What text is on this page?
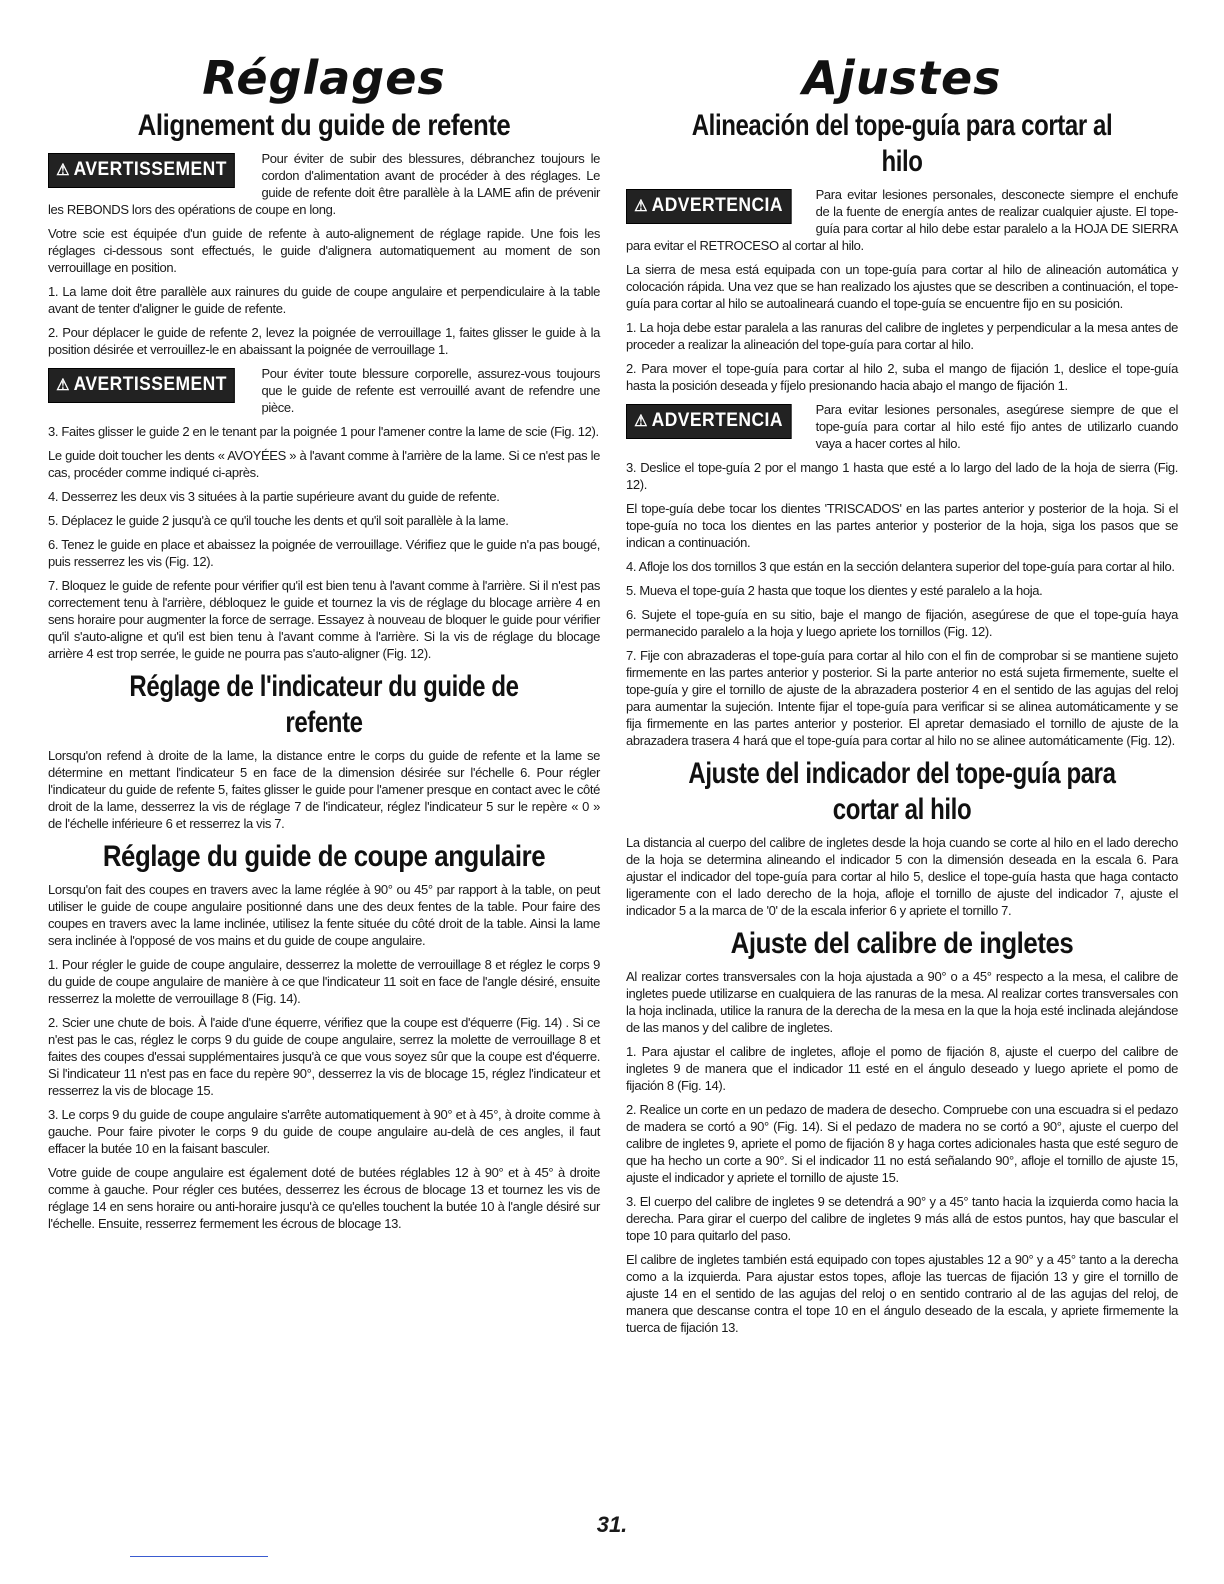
Réglages
Alignement du guide de refente
⚠ AVERTISSEMENT
Pour éviter de subir des blessures, débranchez toujours le cordon d'alimentation avant de procéder à des réglages. Le guide de refente doit être parallèle à la LAME afin de prévenir les REBONDS lors des opérations de coupe en long.
Votre scie est équipée d'un guide de refente à auto-alignement de réglage rapide. Une fois les réglages ci-dessous sont effectués, le guide d'alignera automatiquement au moment de son verrouillage en position.
1. La lame doit être parallèle aux rainures du guide de coupe angulaire et perpendiculaire à la table avant de tenter d'aligner le guide de refente.
2. Pour déplacer le guide de refente 2, levez la poignée de verrouillage 1, faites glisser le guide à la position désirée et verrouillez-le en abaissant la poignée de verrouillage 1.
⚠ AVERTISSEMENT
Pour éviter toute blessure corporelle, assurez-vous toujours que le guide de refente est verrouillé avant de refendre une pièce.
3. Faites glisser le guide 2 en le tenant par la poignée 1 pour l'amener contre la lame de scie (Fig. 12).
Le guide doit toucher les dents « AVOYÉES » à l'avant comme à l'arrière de la lame. Si ce n'est pas le cas, procéder comme indiqué ci-après.
4. Desserrez les deux vis 3 situées à la partie supérieure avant du guide de refente.
5. Déplacez le guide 2 jusqu'à ce qu'il touche les dents et qu'il soit parallèle à la lame.
6. Tenez le guide en place et abaissez la poignée de verrouillage. Vérifiez que le guide n'a pas bougé, puis resserrez les vis (Fig. 12).
7. Bloquez le guide de refente pour vérifier qu'il est bien tenu à l'avant comme à l'arrière. Si il n'est pas correctement tenu à l'arrière, débloquez le guide et tournez la vis de réglage du blocage arrière 4 en sens horaire pour augmenter la force de serrage. Essayez à nouveau de bloquer le guide pour vérifier qu'il s'auto-aligne et qu'il est bien tenu à l'avant comme à l'arrière. Si la vis de réglage du blocage arrière 4 est trop serrée, le guide ne pourra pas s'auto-aligner (Fig. 12).
Réglage de l'indicateur du guide de refente
Lorsqu'on refend à droite de la lame, la distance entre le corps du guide de refente et la lame se détermine en mettant l'indicateur 5 en face de la dimension désirée sur l'échelle 6. Pour régler l'indicateur du guide de refente 5, faites glisser le guide pour l'amener presque en contact avec le côté droit de la lame, desserrez la vis de réglage 7 de l'indicateur, réglez l'indicateur 5 sur le repère « 0 » de l'échelle inférieure 6 et resserrez la vis 7.
Réglage du guide de coupe angulaire
Lorsqu'on fait des coupes en travers avec la lame réglée à 90° ou 45° par rapport à la table, on peut utiliser le guide de coupe angulaire positionné dans une des deux fentes de la table. Pour faire des coupes en travers avec la lame inclinée, utilisez la fente située du côté droit de la table. Ainsi la lame sera inclinée à l'opposé de vos mains et du guide de coupe angulaire.
1. Pour régler le guide de coupe angulaire, desserrez la molette de verrouillage 8 et réglez le corps 9 du guide de coupe angulaire de manière à ce que l'indicateur 11 soit en face de l'angle désiré, ensuite resserrez la molette de verrouillage 8 (Fig. 14).
2. Scier une chute de bois. À l'aide d'une équerre, vérifiez que la coupe est d'équerre (Fig. 14) . Si ce n'est pas le cas, réglez le corps 9 du guide de coupe angulaire, serrez la molette de verrouillage 8 et faites des coupes d'essai supplémentaires jusqu'à ce que vous soyez sûr que la coupe est d'équerre. Si l'indicateur 11 n'est pas en face du repère 90°, desserrez la vis de blocage 15, réglez l'indicateur et resserrez la vis de blocage 15.
3. Le corps 9 du guide de coupe angulaire s'arrête automatiquement à 90° et à 45°, à droite comme à gauche. Pour faire pivoter le corps 9 du guide de coupe angulaire au-delà de ces angles, il faut effacer la butée 10 en la faisant basculer.
Votre guide de coupe angulaire est également doté de butées réglables 12 à 90° et à 45° à droite comme à gauche. Pour régler ces butées, desserrez les écrous de blocage 13 et tournez les vis de réglage 14 en sens horaire ou anti-horaire jusqu'à ce qu'elles touchent la butée 10 à l'angle désiré sur l'échelle. Ensuite, resserrez fermement les écrous de blocage 13.
Ajustes
Alineación del tope-guía para cortar al hilo
⚠ ADVERTENCIA
Para evitar lesiones personales, desconecte siempre el enchufe de la fuente de energía antes de realizar cualquier ajuste. El tope-guía para cortar al hilo debe estar paralelo a la HOJA DE SIERRA para evitar el RETROCESO al cortar al hilo.
La sierra de mesa está equipada con un tope-guía para cortar al hilo de alineación automática y colocación rápida. Una vez que se han realizado los ajustes que se describen a continuación, el tope-guía para cortar al hilo se autoalineará cuando el tope-guía se encuentre fijo en su posición.
1. La hoja debe estar paralela a las ranuras del calibre de ingletes y perpendicular a la mesa antes de proceder a realizar la alineación del tope-guía para cortar al hilo.
2. Para mover el tope-guía para cortar al hilo 2, suba el mango de fijación 1, deslice el tope-guía hasta la posición deseada y fíjelo presionando hacia abajo el mango de fijación 1.
⚠ ADVERTENCIA
Para evitar lesiones personales, asegúrese siempre de que el tope-guía para cortar al hilo esté fijo antes de utilizarlo cuando vaya a hacer cortes al hilo.
3. Deslice el tope-guía 2 por el mango 1 hasta que esté a lo largo del lado de la hoja de sierra (Fig. 12).
El tope-guía debe tocar los dientes 'TRISCADOS' en las partes anterior y posterior de la hoja. Si el tope-guía no toca los dientes en las partes anterior y posterior de la hoja, siga los pasos que se indican a continuación.
4. Afloje los dos tornillos 3 que están en la sección delantera superior del tope-guía para cortar al hilo.
5. Mueva el tope-guía 2 hasta que toque los dientes y esté paralelo a la hoja.
6. Sujete el tope-guía en su sitio, baje el mango de fijación, asegúrese de que el tope-guía haya permanecido paralelo a la hoja y luego apriete los tornillos (Fig. 12).
7. Fije con abrazaderas el tope-guía para cortar al hilo con el fin de comprobar si se mantiene sujeto firmemente en las partes anterior y posterior. Si la parte anterior no está sujeta firmemente, suelte el tope-guía y gire el tornillo de ajuste de la abrazadera posterior 4 en el sentido de las agujas del reloj para aumentar la sujeción. Intente fijar el tope-guía para verificar si se alinea automáticamente y se fija firmemente en las partes anterior y posterior. El apretar demasiado el tornillo de ajuste de la abrazadera trasera 4 hará que el tope-guía para cortar al hilo no se alinee automáticamente (Fig. 12).
Ajuste del indicador del tope-guía para cortar al hilo
La distancia al cuerpo del calibre de ingletes desde la hoja cuando se corte al hilo en el lado derecho de la hoja se determina alineando el indicador 5 con la dimensión deseada en la escala 6. Para ajustar el indicador del tope-guía para cortar al hilo 5, deslice el tope-guía hasta que haga contacto ligeramente con el lado derecho de la hoja, afloje el tornillo de ajuste del indicador 7, ajuste el indicador 5 a la marca de '0' de la escala inferior 6 y apriete el tornillo 7.
Ajuste del calibre de ingletes
Al realizar cortes transversales con la hoja ajustada a 90° o a 45° respecto a la mesa, el calibre de ingletes puede utilizarse en cualquiera de las ranuras de la mesa. Al realizar cortes transversales con la hoja inclinada, utilice la ranura de la derecha de la mesa en la que la hoja esté inclinada alejándose de las manos y del calibre de ingletes.
1. Para ajustar el calibre de ingletes, afloje el pomo de fijación 8, ajuste el cuerpo del calibre de ingletes 9 de manera que el indicador 11 esté en el ángulo deseado y luego apriete el pomo de fijación 8 (Fig. 14).
2. Realice un corte en un pedazo de madera de desecho. Compruebe con una escuadra si el pedazo de madera se cortó a 90° (Fig. 14). Si el pedazo de madera no se cortó a 90°, ajuste el cuerpo del calibre de ingletes 9, apriete el pomo de fijación 8 y haga cortes adicionales hasta que esté seguro de que ha hecho un corte a 90°. Si el indicador 11 no está señalando 90°, afloje el tornillo de ajuste 15, ajuste el indicador y apriete el tornillo de ajuste 15.
3. El cuerpo del calibre de ingletes 9 se detendrá a 90° y a 45° tanto hacia la izquierda como hacia la derecha. Para girar el cuerpo del calibre de ingletes 9 más allá de estos puntos, hay que bascular el tope 10 para quitarlo del paso.
El calibre de ingletes también está equipado con topes ajustables 12 a 90° y a 45° tanto a la derecha como a la izquierda. Para ajustar estos topes, afloje las tuercas de fijación 13 y gire el tornillo de ajuste 14 en el sentido de las agujas del reloj o en sentido contrario al de las agujas del reloj, de manera que descanse contra el tope 10 en el ángulo deseado de la escala, y apriete firmemente la tuerca de fijación 13.
31.
